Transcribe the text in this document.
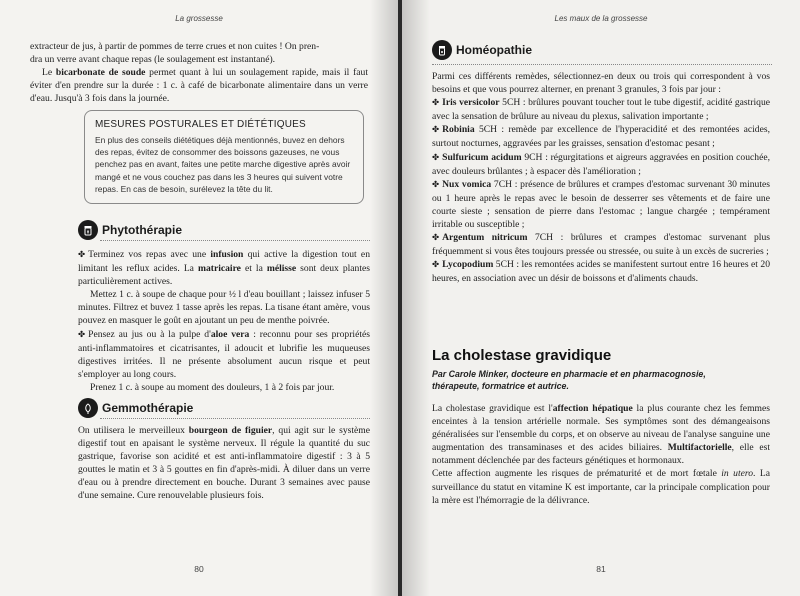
La grossesse

extracteur de jus, à partir de pommes de terre crues et non cuites ! On pren-

dra un verre avant chaque repas (le soulagement est instantané).

Le bicarbonate de soude permet quant à lui un soulagement rapide, mais il faut éviter d'en prendre sur la durée : 1 c. à café de bicarbonate alimentaire dans un verre d'eau. Jusqu'à 3 fois dans la journée.

MESURES POSTURALES ET DIÉTÉTIQUES
En plus des conseils diététiques déjà mentionnés, buvez en dehors des repas, évitez de consommer des boissons gazeuses, ne vous penchez pas en avant, faites une petite marche digestive après avoir mangé et ne vous couchez pas dans les 3 heures qui suivent votre repas. En cas de besoin, surélevez la tête du lit.
Phytothérapie

✤ Terminez vos repas avec une infusion qui active la digestion tout en limitant les reflux acides. La matricaire et la mélisse sont deux plantes particulièrement actives.

Mettez 1 c. à soupe de chaque pour ½ l d'eau bouillant ; laissez infuser 5 minutes. Filtrez et buvez 1 tasse après les repas. La tisane étant amère, vous pouvez en masquer le goût en ajoutant un peu de menthe poivrée.

✤ Pensez au jus ou à la pulpe d'aloe vera : reconnu pour ses propriétés anti-inflammatoires et cicatrisantes, il adoucit et lubrifie les muqueuses digestives irritées. Il ne présente absolument aucun risque et peut s'employer au long cours.

Prenez 1 c. à soupe au moment des douleurs, 1 à 2 fois par jour.

Gemmothérapie

On utilisera le merveilleux bourgeon de figuier, qui agit sur le système digestif tout en apaisant le système nerveux. Il régule la quantité du suc gastrique, favorise son acidité et est anti-inflammatoire digestif : 3 à 5 gouttes le matin et 3 à 5 gouttes en fin d'après-midi. À diluer dans un verre d'eau ou à prendre directement en bouche. Durant 3 semaines avec pause d'une semaine. Cure renouvelable plusieurs fois.

80
Les maux de la grossesse
Homéopathie

Parmi ces différents remèdes, sélectionnez-en deux ou trois qui correspondent à vos besoins et que vous pourrez alterner, en prenant 3 granules, 3 fois par jour :

✤ Iris versicolor 5CH : brûlures pouvant toucher tout le tube digestif, acidité gastrique avec la sensation de brûlure au niveau du plexus, salivation importante ;

✤ Robinia 5CH : remède par excellence de l'hyperacidité et des remontées acides, surtout nocturnes, aggravées par les graisses, sensation d'estomac pesant ;

✤ Sulfuricum acidum 9CH : régurgitations et aigreurs aggravées en position couchée, avec douleurs brûlantes ; à espacer dès l'amélioration ;

✤ Nux vomica 7CH : présence de brûlures et crampes d'estomac survenant 30 minutes ou 1 heure après le repas avec le besoin de desserrer ses vêtements et de faire une courte sieste ; sensation de pierre dans l'estomac ; langue chargée ; tempérament irritable ou susceptible ;

✤ Argentum nitricum 7CH : brûlures et crampes d'estomac survenant plus fréquemment si vous êtes toujours pressée ou stressée, ou suite à un excès de sucreries ;

✤ Lycopodium 5CH : les remontées acides se manifestent surtout entre 16 heures et 20 heures, en association avec un désir de boissons et d'aliments chauds.

La cholestase gravidique
Par Carole Minker, docteure en pharmacie et en pharmacognosie, thérapeute, formatrice et autrice.

La cholestase gravidique est l'affection hépatique la plus courante chez les femmes enceintes à la tension artérielle normale. Ses symptômes sont des démangeaisons généralisées sur l'ensemble du corps, et on observe au niveau de l'analyse sanguine une augmentation des transaminases et des acides biliaires. Multifactorielle, elle est notamment déclenchée par des facteurs génétiques et hormonaux.

Cette affection augmente les risques de prématurité et de mort fœtale in utero. La surveillance du statut en vitamine K est importante, car la principale complication pour la mère est l'hémorragie de la délivrance.

81
